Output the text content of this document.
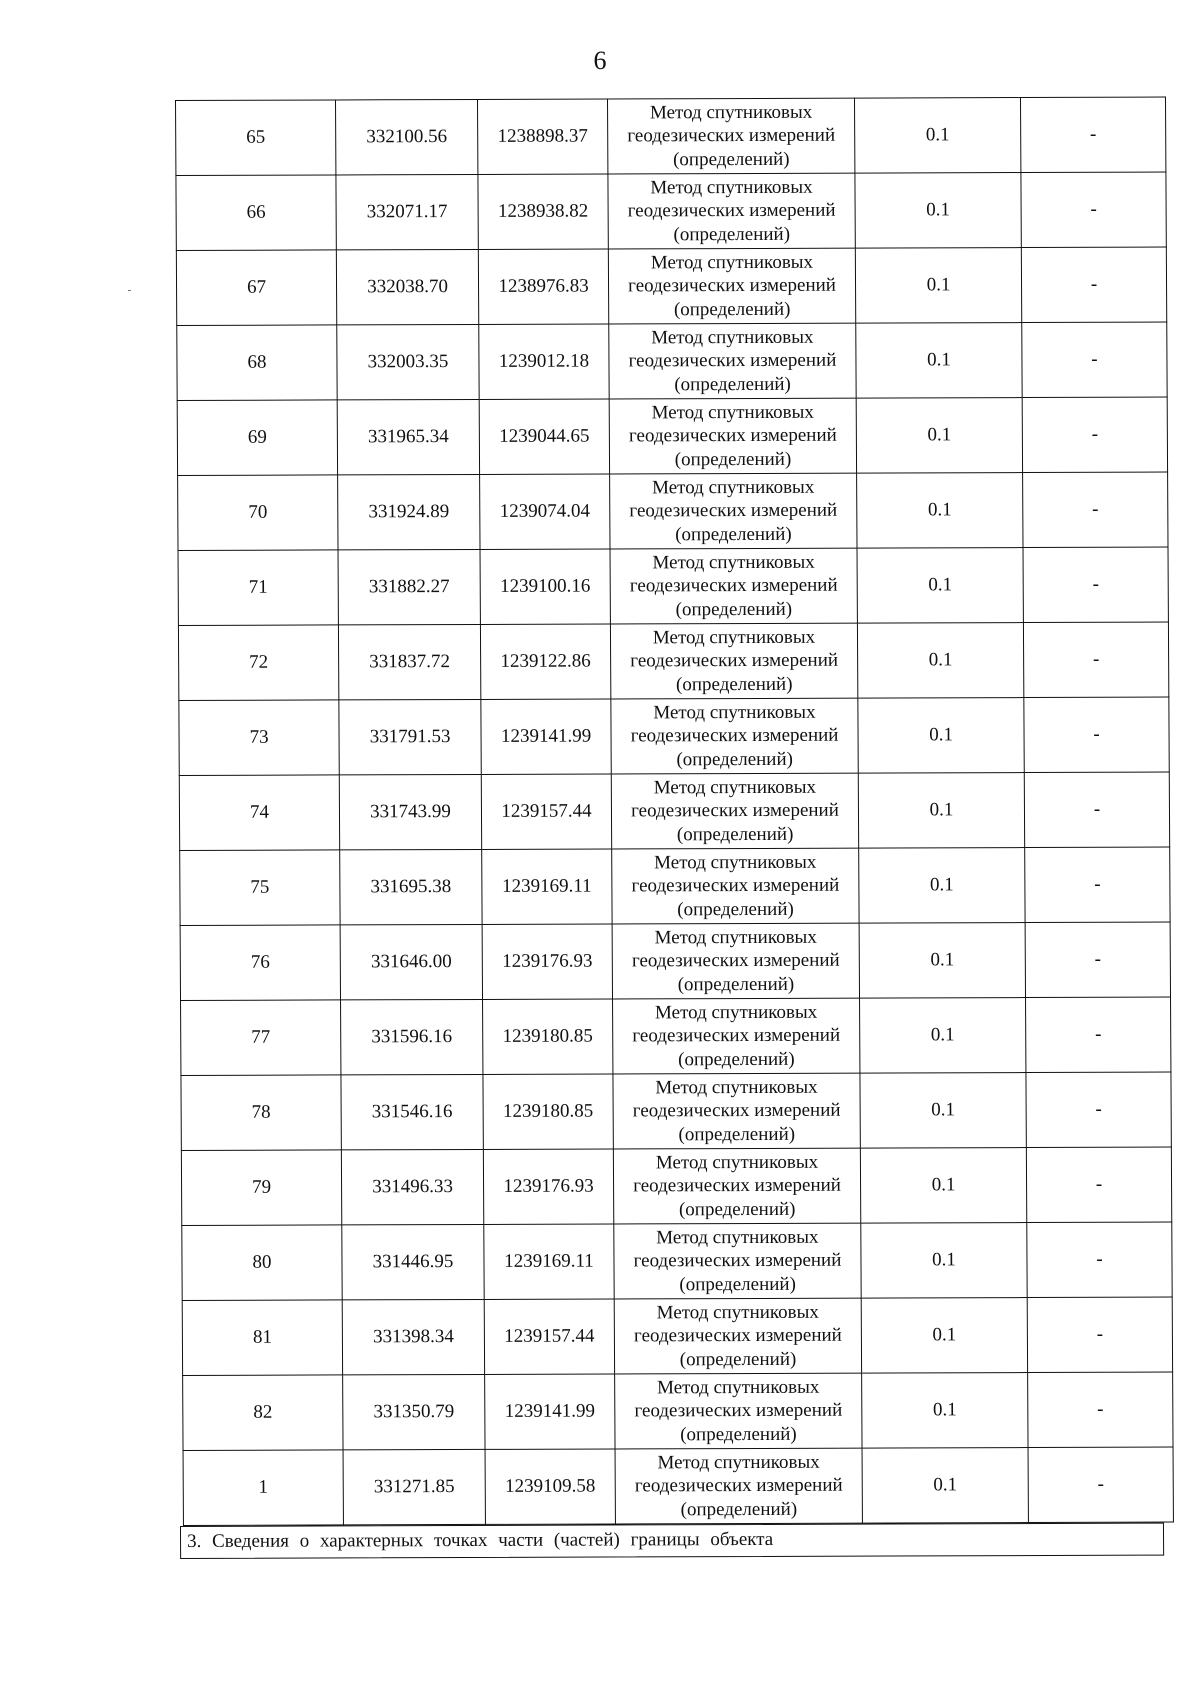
6
65	332100.56	1238898.37	Метод спутниковых
геодезических измерений
(определений)	0.1	-
66	332071.17	1238938.82	Метод спутниковых
геодезических измерений
(определений)	0.1	-
67	332038.70	1238976.83	Метод спутниковых
геодезических измерений
(определений)	0.1	-
68	332003.35	1239012.18	Метод спутниковых
геодезических измерений
(определений)	0.1	-
69	331965.34	1239044.65	Метод спутниковых
геодезических измерений
(определений)	0.1	-
70	331924.89	1239074.04	Метод спутниковых
геодезических измерений
(определений)	0.1	-
71	331882.27	1239100.16	Метод спутниковых
геодезических измерений
(определений)	0.1	-
72	331837.72	1239122.86	Метод спутниковых
геодезических измерений
(определений)	0.1	-
73	331791.53	1239141.99	Метод спутниковых
геодезических измерений
(определений)	0.1	-
74	331743.99	1239157.44	Метод спутниковых
геодезических измерений
(определений)	0.1	-
75	331695.38	1239169.11	Метод спутниковых
геодезических измерений
(определений)	0.1	-
76	331646.00	1239176.93	Метод спутниковых
геодезических измерений
(определений)	0.1	-
77	331596.16	1239180.85	Метод спутниковых
геодезических измерений
(определений)	0.1	-
78	331546.16	1239180.85	Метод спутниковых
геодезических измерений
(определений)	0.1	-
79	331496.33	1239176.93	Метод спутниковых
геодезических измерений
(определений)	0.1	-
80	331446.95	1239169.11	Метод спутниковых
геодезических измерений
(определений)	0.1	-
81	331398.34	1239157.44	Метод спутниковых
геодезических измерений
(определений)	0.1	-
82	331350.79	1239141.99	Метод спутниковых
геодезических измерений
(определений)	0.1	-
1	331271.85	1239109.58	Метод спутниковых
геодезических измерений
(определений)	0.1	-
3. Сведения о характерных точках части (частей) границы объекта
